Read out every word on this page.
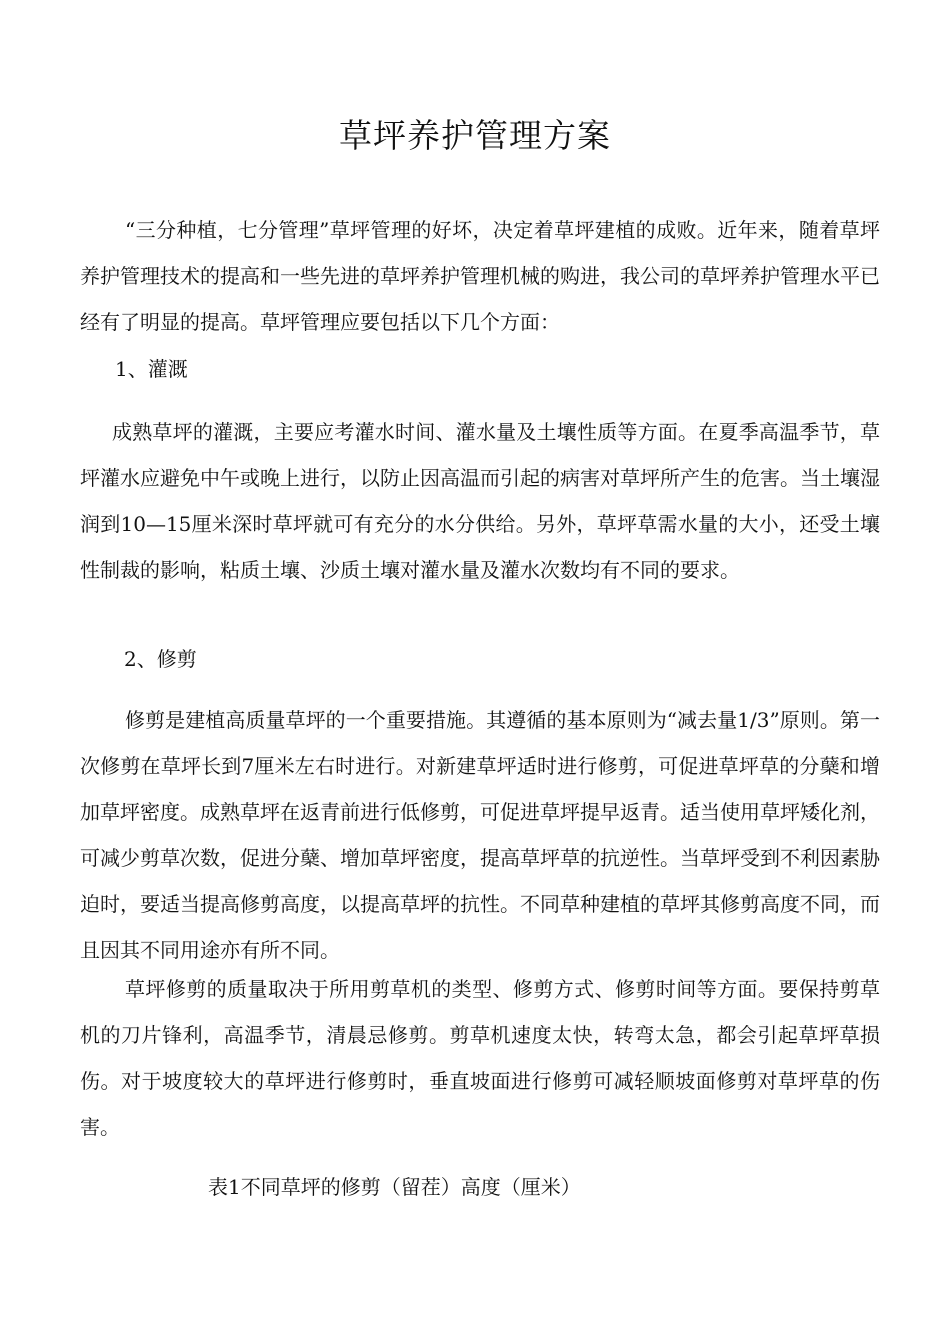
草坪养护管理方案

“三分种植，七分管理”草坪管理的好坏，决定着草坪建植的成败。近年来，随着草坪养护管理技术的提高和一些先进的草坪养护管理机械的购进，我公司的草坪养护管理水平已经有了明显的提高。草坪管理应要包括以下几个方面：

1、灌溉

成熟草坪的灌溉，主要应考灌水时间、灌水量及土壤性质等方面。在夏季高温季节，草坪灌水应避免中午或晚上进行，以防止因高温而引起的病害对草坪所产生的危害。当土壤湿润到10—15厘米深时草坪就可有充分的水分供给。另外，草坪草需水量的大小，还受土壤性制裁的影响，粘质土壤、沙质土壤对灌水量及灌水次数均有不同的要求。

2、修剪

修剪是建植高质量草坪的一个重要措施。其遵循的基本原则为“减去量1/3”原则。第一次修剪在草坪长到7厘米左右时进行。对新建草坪适时进行修剪，可促进草坪草的分蘖和增加草坪密度。成熟草坪在返青前进行低修剪，可促进草坪提早返青。适当使用草坪矮化剂，可减少剪草次数，促进分蘖、增加草坪密度，提高草坪草的抗逆性。当草坪受到不利因素胁迫时，要适当提高修剪高度，以提高草坪的抗性。不同草种建植的草坪其修剪高度不同，而且因其不同用途亦有所不同。

草坪修剪的质量取决于所用剪草机的类型、修剪方式、修剪时间等方面。要保持剪草机的刀片锋利，高温季节，清晨忌修剪。剪草机速度太快，转弯太急，都会引起草坪草损伤。对于坡度较大的草坪进行修剪时，垂直坡面进行修剪可减轻顺坡面修剪对草坪草的伤害。

表1不同草坪的修剪（留茬）高度（厘米）
